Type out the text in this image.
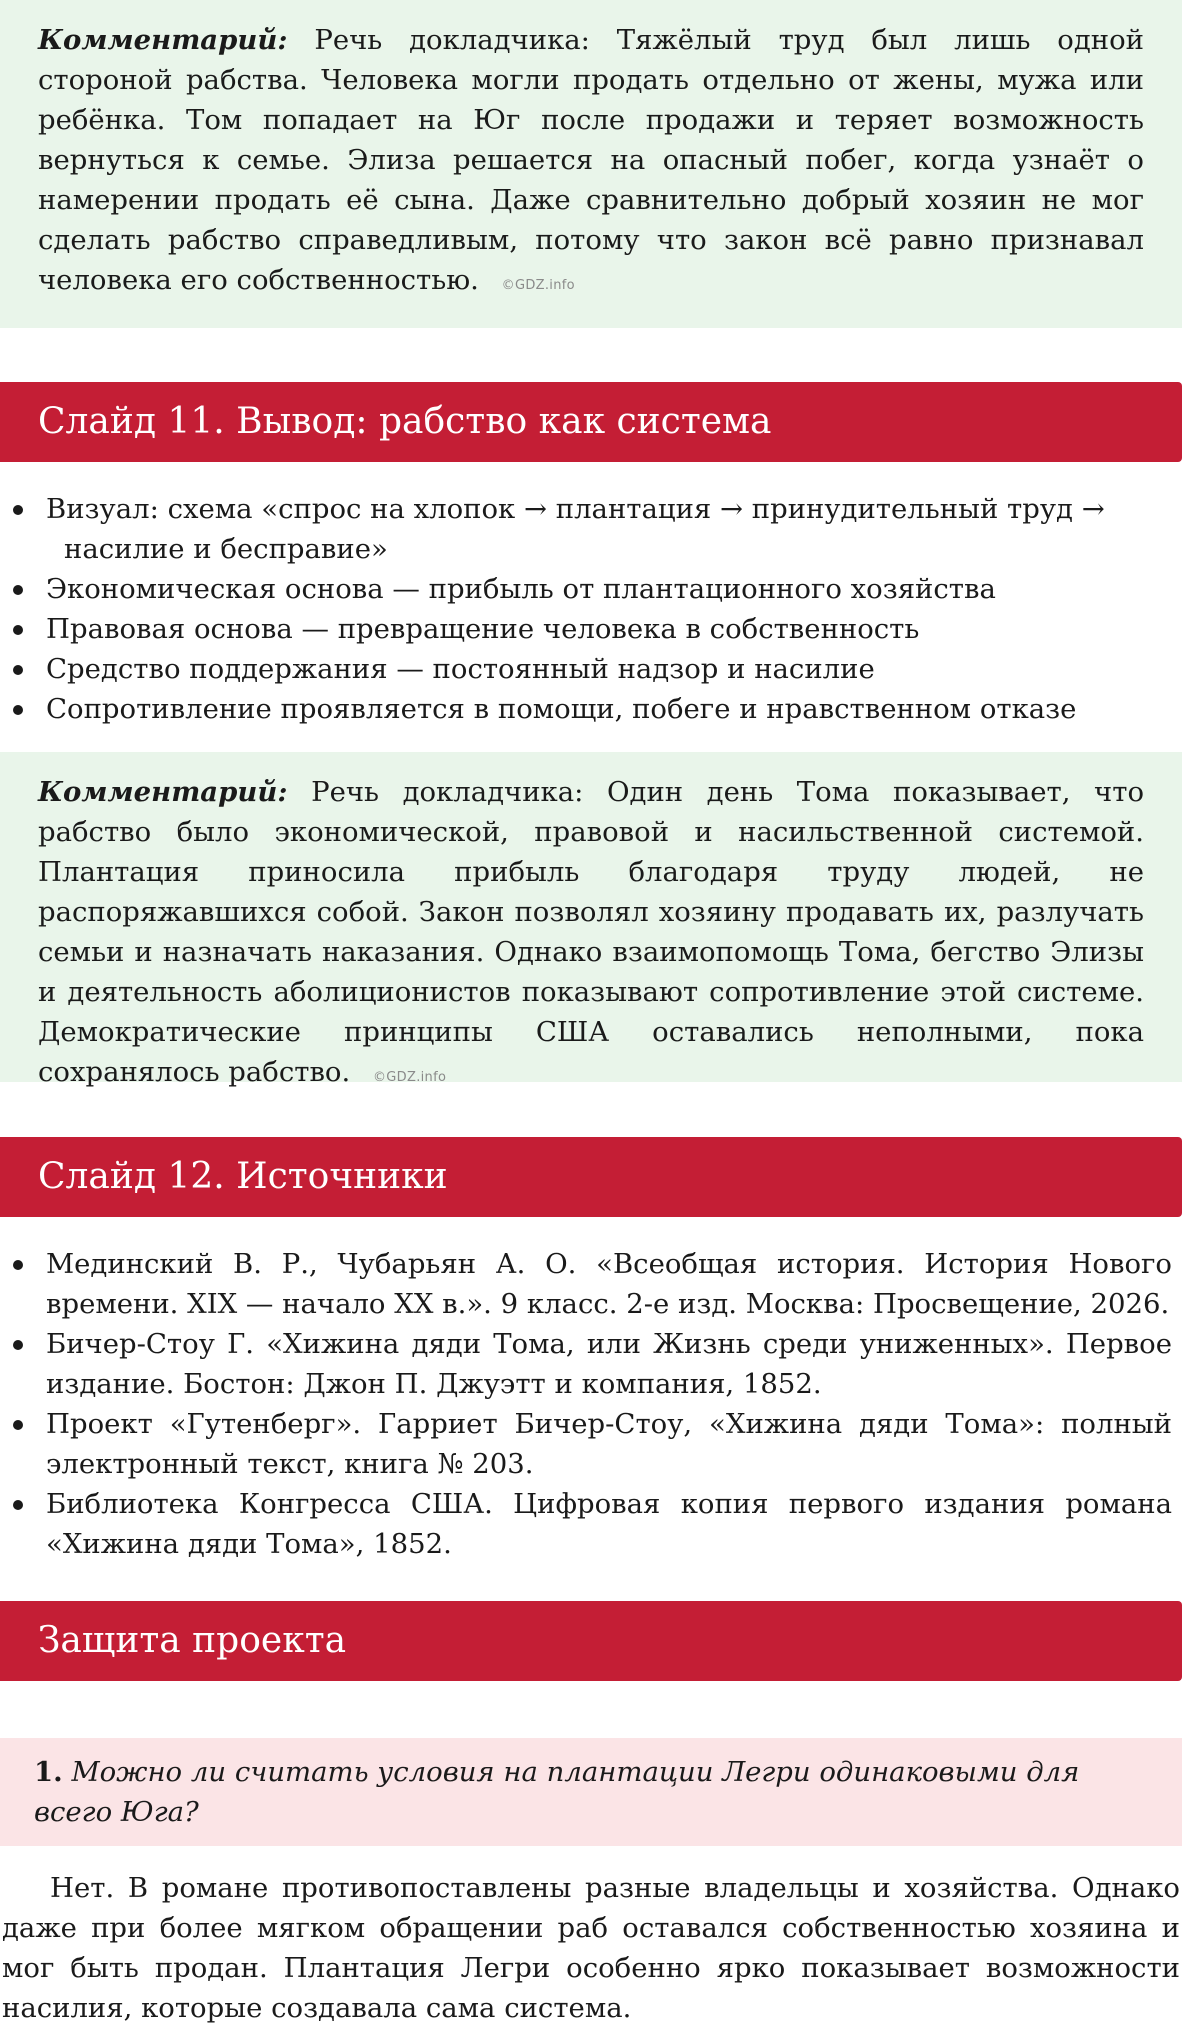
Комментарий: Речь докладчика: Тяжёлый труд был лишь одной стороной рабства. Человека могли продать отдельно от жены, мужа или ребёнка. Том попадает на Юг после продажи и теряет возможность вернуться к семье. Элиза решается на опасный побег, когда узнаёт о намерении продать её сына. Даже сравнительно добрый хозяин не мог сделать рабство справедливым, потому что закон всё равно признавал человека его собственностью. ©GDZ.info

Слайд 11. Вывод: рабство как система
Визуал: схема «спрос на хлопок → плантация → принудительный труд →
насилие и бесправие»
Экономическая основа — прибыль от плантационного хозяйства
Правовая основа — превращение человека в собственность
Средство поддержания — постоянный надзор и насилие
Сопротивление проявляется в помощи, побеге и нравственном отказе

Комментарий: Речь докладчика: Один день Тома показывает, что рабство было экономической, правовой и насильственной системой. Плантация приносила прибыль благодаря труду людей, не распоряжавшихся собой. Закон позволял хозяину продавать их, разлучать семьи и назначать наказания. Однако взаимопомощь Тома, бегство Элизы и деятельность аболиционистов показывают сопротивление этой системе. Демократические принципы США оставались неполными, пока сохранялось рабство. ©GDZ.info

Слайд 12. Источники
Мединский В. Р., Чубарьян А. О. «Всеобщая история. История Нового времени. XIX — начало XX в.». 9 класс. 2-е изд. Москва: Просвещение, 2026.
Бичер-Стоу Г. «Хижина дяди Тома, или Жизнь среди униженных». Первое издание. Бостон: Джон П. Джуэтт и компания, 1852.
Проект «Гутенберг». Гарриет Бичер-Стоу, «Хижина дяди Тома»: полный электронный текст, книга № 203.
Библиотека Конгресса США. Цифровая копия первого издания романа «Хижина дяди Тома», 1852.
Защита проекта
1. Можно ли считать условия на плантации Легри одинаковыми для всего Юга?

Нет. В романе противопоставлены разные владельцы и хозяйства. Однако даже при более мягком обращении раб оставался собственностью хозяина и мог быть продан. Плантация Легри особенно ярко показывает возможности насилия, которые создавала сама система.
